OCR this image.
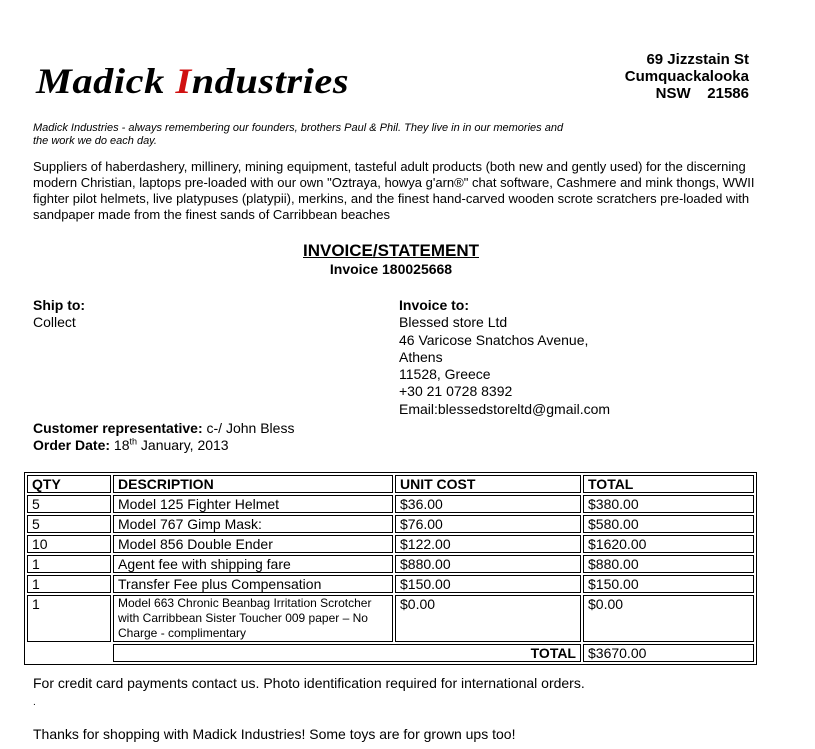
Madick Industries
69 Jizzstain St
Cumquackalooka
NSW    21586
Madick Industries - always remembering our founders, brothers Paul & Phil. They live in in our memories and the work we do each day.
Suppliers of haberdashery, millinery, mining equipment, tasteful adult products (both new and gently used) for the discerning modern Christian, laptops pre-loaded with our own "Oztraya, howya g'arn®" chat software, Cashmere and mink thongs, WWII fighter pilot helmets, live platypuses (platypii), merkins, and the finest hand-carved wooden scrote scratchers pre-loaded with sandpaper made from the finest sands of Carribbean beaches
INVOICE/STATEMENT
Invoice 180025668
Ship to:
Collect
Invoice to:
Blessed store Ltd
46 Varicose Snatchos Avenue,
Athens
11528, Greece
+30 21 0728 8392
Email:blessedstoreltd@gmail.com
Customer representative: c-/ John Bless
Order Date: 18th January, 2013
QTY	DESCRIPTION	UNIT COST	TOTAL
5	Model 125 Fighter Helmet	$36.00	$380.00
5	Model 767 Gimp Mask:	$76.00	$580.00
10	Model 856 Double Ender	$122.00	$1620.00
1	Agent fee with shipping fare	$880.00	$880.00
1	Transfer Fee plus Compensation	$150.00	$150.00
1	Model 663 Chronic Beanbag Irritation Scrotcher with Carribbean Sister Toucher 009 paper – No Charge - complimentary	$0.00	$0.00
	TOTAL		$3670.00
For credit card payments contact us. Photo identification required for international orders.
.
Thanks for shopping with Madick Industries! Some toys are for grown ups too!
